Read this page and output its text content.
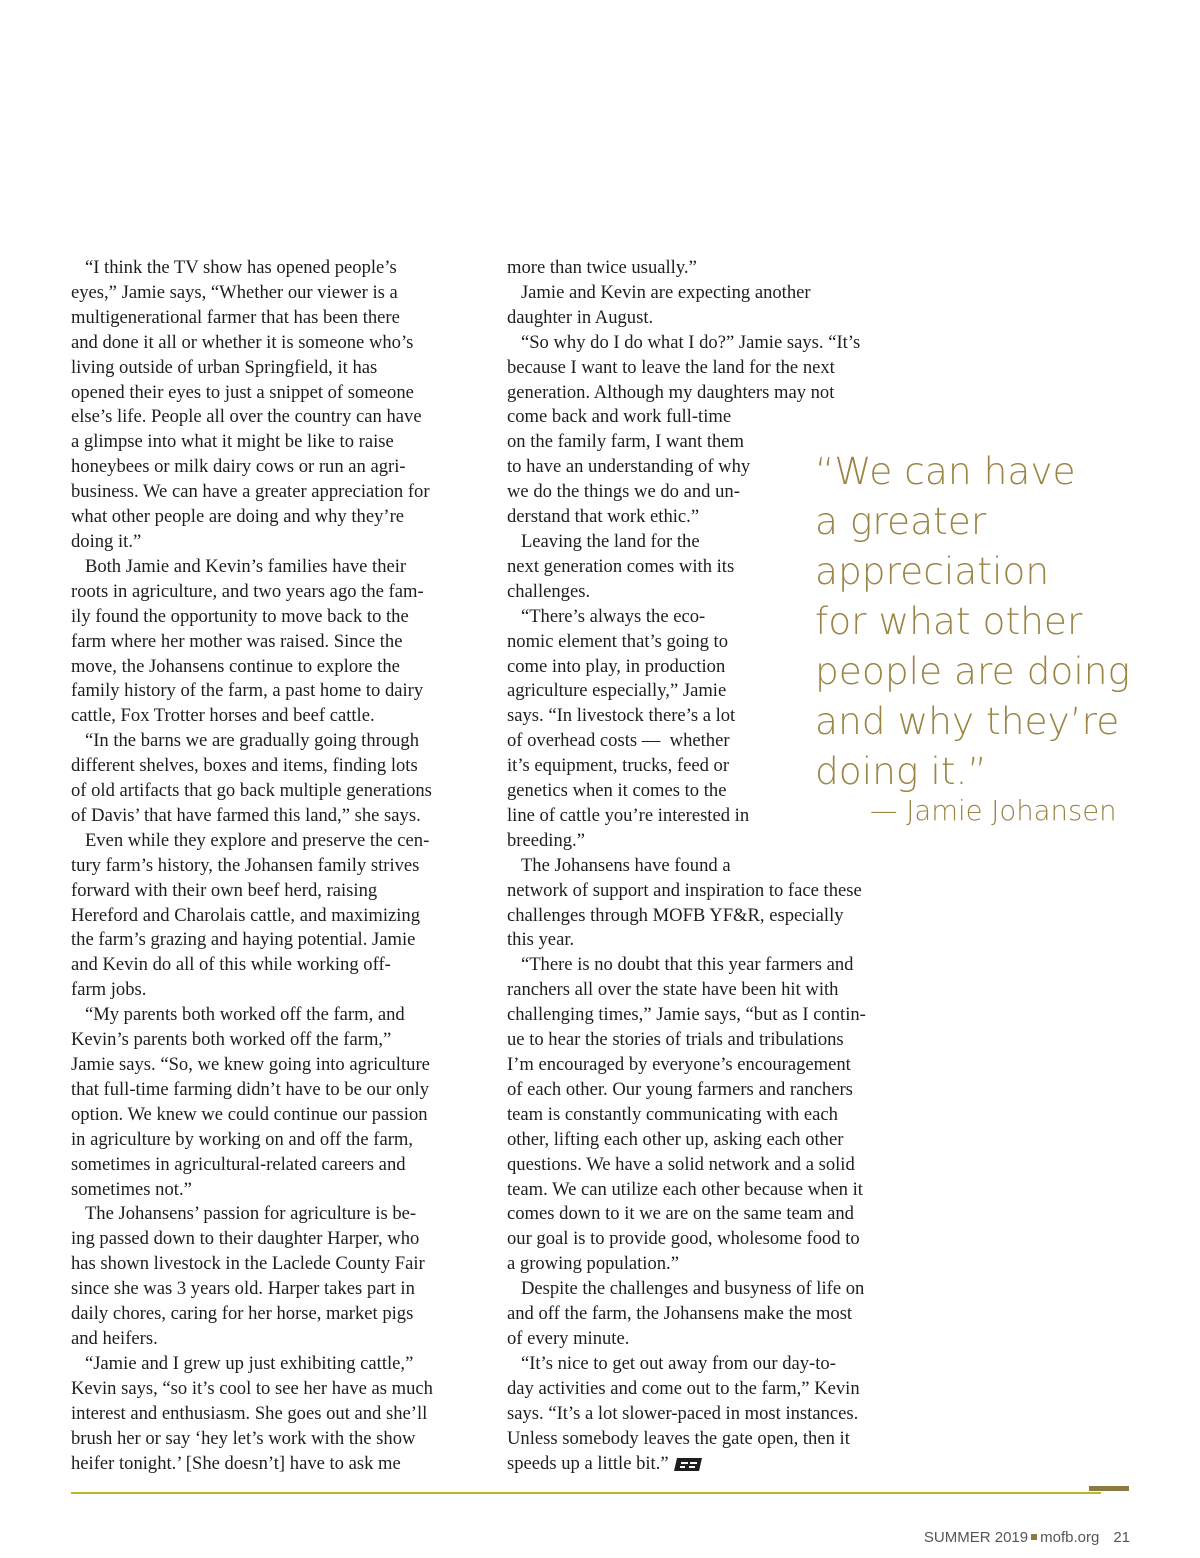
“I think the TV show has opened people’s
eyes,” Jamie says, “Whether our viewer is a
multigenerational farmer that has been there
and done it all or whether it is someone who’s
living outside of urban Springfield, it has
opened their eyes to just a snippet of someone
else’s life. People all over the country can have
a glimpse into what it might be like to raise
honeybees or milk dairy cows or run an agri-
business. We can have a greater appreciation for
what other people are doing and why they’re
doing it.”
Both Jamie and Kevin’s families have their
roots in agriculture, and two years ago the fam-
ily found the opportunity to move back to the
farm where her mother was raised. Since the
move, the Johansens continue to explore the
family history of the farm, a past home to dairy
cattle, Fox Trotter horses and beef cattle.
“In the barns we are gradually going through
different shelves, boxes and items, finding lots
of old artifacts that go back multiple generations
of Davis’ that have farmed this land,” she says.
Even while they explore and preserve the cen-
tury farm’s history, the Johansen family strives
forward with their own beef herd, raising
Hereford and Charolais cattle, and maximizing
the farm’s grazing and haying potential. Jamie
and Kevin do all of this while working off-
farm jobs.
“My parents both worked off the farm, and
Kevin’s parents both worked off the farm,”
Jamie says. “So, we knew going into agriculture
that full-time farming didn’t have to be our only
option. We knew we could continue our passion
in agriculture by working on and off the farm,
sometimes in agricultural-related careers and
sometimes not.”
The Johansens’ passion for agriculture is be-
ing passed down to their daughter Harper, who
has shown livestock in the Laclede County Fair
since she was 3 years old. Harper takes part in
daily chores, caring for her horse, market pigs
and heifers.
“Jamie and I grew up just exhibiting cattle,”
Kevin says, “so it’s cool to see her have as much
interest and enthusiasm. She goes out and she’ll
brush her or say ‘hey let’s work with the show
heifer tonight.’ [She doesn’t] have to ask me
more than twice usually.”
Jamie and Kevin are expecting another
daughter in August.
“So why do I do what I do?” Jamie says. “It’s
because I want to leave the land for the next
generation. Although my daughters may not
come back and work full-time
on the family farm, I want them
to have an understanding of why
we do the things we do and un-
derstand that work ethic.”
Leaving the land for the
next generation comes with its
challenges.
“There’s always the eco-
nomic element that’s going to
come into play, in production
agriculture especially,” Jamie
says. “In livestock there’s a lot
of overhead costs —  whether
it’s equipment, trucks, feed or
genetics when it comes to the
line of cattle you’re interested in
breeding.”
The Johansens have found a
network of support and inspiration to face these
challenges through MOFB YF&R, especially
this year.
“There is no doubt that this year farmers and
ranchers all over the state have been hit with
challenging times,” Jamie says, “but as I contin-
ue to hear the stories of trials and tribulations
I’m encouraged by everyone’s encouragement
of each other. Our young farmers and ranchers
team is constantly communicating with each
other, lifting each other up, asking each other
questions. We have a solid network and a solid
team. We can utilize each other because when it
comes down to it we are on the same team and
our goal is to provide good, wholesome food to
a growing population.”
Despite the challenges and busyness of life on
and off the farm, the Johansens make the most
of every minute.
“It’s nice to get out away from our day-to-
day activities and come out to the farm,” Kevin
says. “It’s a lot slower-paced in most instances.
Unless somebody leaves the gate open, then it
speeds up a little bit.”
“We can have
a greater
appreciation
for what other
people are doing
and why they’re
doing it.”
— Jamie Johansen
SUMMER 2019 mofb.org 21
